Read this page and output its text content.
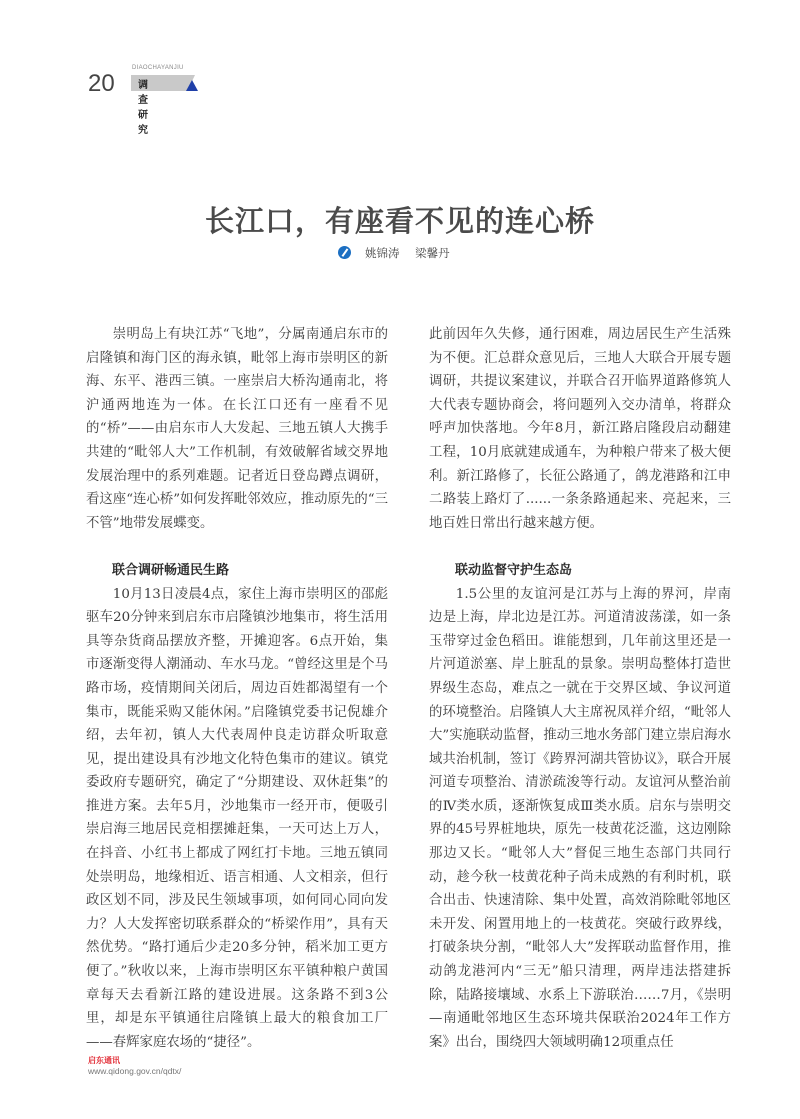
20
DIAOCHAYANJIU
调查研究
长江口，有座看不见的连心桥
姚锦涛 梁馨丹

崇明岛上有块江苏“飞地”，分属南通启东市的启隆镇和海门区的海永镇，毗邻上海市崇明区的新海、东平、港西三镇。一座崇启大桥沟通南北，将沪通两地连为一体。在长江口还有一座看不见的“桥”——由启东市人大发起、三地五镇人大携手共建的“毗邻人大”工作机制，有效破解省域交界地发展治理中的系列难题。记者近日登岛蹲点调研，看这座“连心桥”如何发挥毗邻效应，推动原先的“三不管”地带发展蝶变。

联合调研畅通民生路

10月13日凌晨4点，家住上海市崇明区的邵彪驱车20分钟来到启东市启隆镇沙地集市，将生活用具等杂货商品摆放齐整，开摊迎客。6点开始，集市逐渐变得人潮涌动、车水马龙。“曾经这里是个马路市场，疫情期间关闭后，周边百姓都渴望有一个集市，既能采购又能休闲。”启隆镇党委书记倪雄介绍，去年初，镇人大代表周仲良走访群众听取意见，提出建设具有沙地文化特色集市的建议。镇党委政府专题研究，确定了“分期建设、双休赶集”的推进方案。去年5月，沙地集市一经开市，便吸引崇启海三地居民竞相摆摊赶集，一天可达上万人，在抖音、小红书上都成了网红打卡地。三地五镇同处崇明岛，地缘相近、语言相通、人文相亲，但行政区划不同，涉及民生领域事项，如何同心同向发力？人大发挥密切联系群众的“桥梁作用”，具有天然优势。“路打通后少走20多分钟，稻米加工更方便了。”秋收以来，上海市崇明区东平镇种粮户黄国章每天去看新江路的建设进展。这条路不到3公里，却是东平镇通往启隆镇上最大的粮食加工厂——春辉家庭农场的“捷径”。

此前因年久失修，通行困难，周边居民生产生活殊为不便。汇总群众意见后，三地人大联合开展专题调研，共提议案建议，并联合召开临界道路修筑人大代表专题协商会，将问题列入交办清单，将群众呼声加快落地。今年8月，新江路启隆段启动翻建工程，10月底就建成通车，为种粮户带来了极大便利。新江路修了，长征公路通了，鸽龙港路和江申二路装上路灯了......一条条路通起来、亮起来，三地百姓日常出行越来越方便。

联动监督守护生态岛

1.5公里的友谊河是江苏与上海的界河，岸南边是上海，岸北边是江苏。河道清波荡漾，如一条玉带穿过金色稻田。谁能想到，几年前这里还是一片河道淤塞、岸上脏乱的景象。崇明岛整体打造世界级生态岛，难点之一就在于交界区域、争议河道的环境整治。启隆镇人大主席祝凤祥介绍，“毗邻人大”实施联动监督，推动三地水务部门建立崇启海水域共治机制，签订《跨界河湖共管协议》，联合开展河道专项整治、清淤疏浚等行动。友谊河从整治前的Ⅳ类水质，逐渐恢复成Ⅲ类水质。启东与崇明交界的45号界桩地块，原先一枝黄花泛滥，这边刚除那边又长。“毗邻人大”督促三地生态部门共同行动，趁今秋一枝黄花种子尚未成熟的有利时机，联合出击、快速清除、集中处置，高效消除毗邻地区未开发、闲置用地上的一枝黄花。突破行政界线，打破条块分割，“毗邻人大”发挥联动监督作用，推动鸽龙港河内“三无”船只清理，两岸违法搭建拆除，陆路接壤域、水系上下游联治……7月，《崇明—南通毗邻地区生态环境共保联治2024年工作方案》出台，围绕四大领域明确12项重点任

启东通讯
www.qidong.gov.cn/qdtx/
